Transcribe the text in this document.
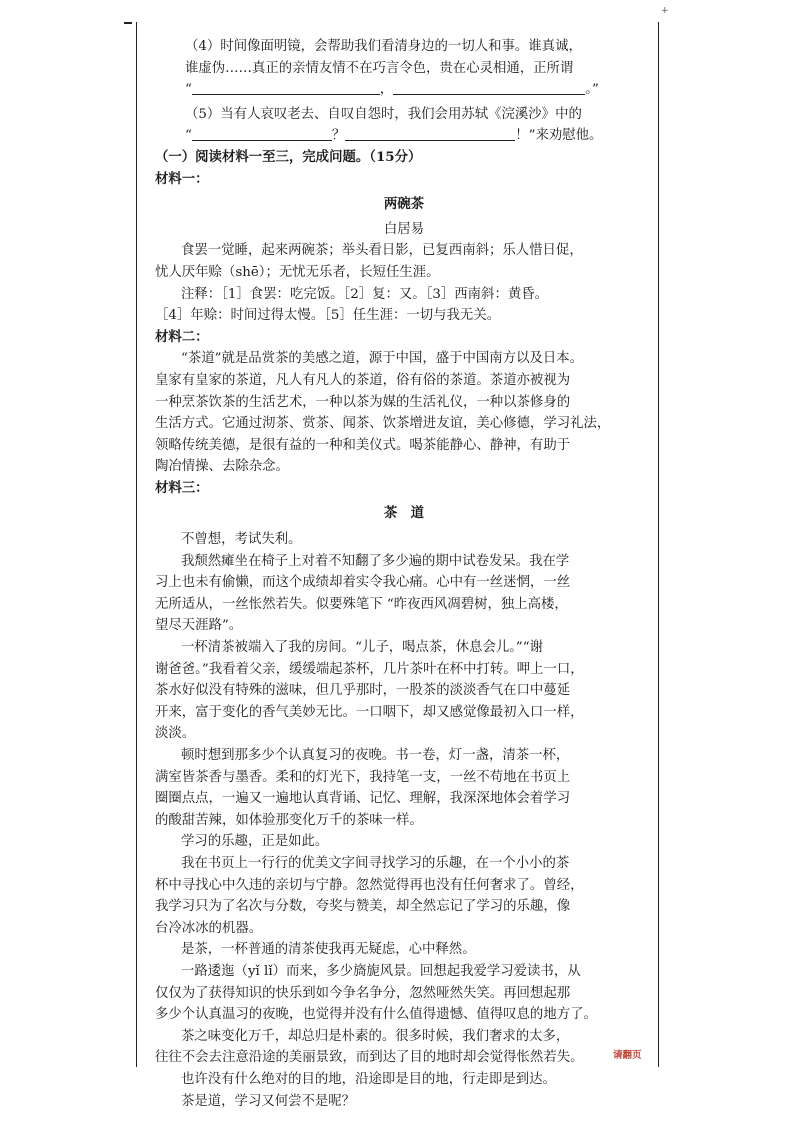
+

（4）时间像面明镜，会帮助我们看清身边的一切人和事。谁真诚，

谁虚伪……真正的亲情友情不在巧言令色，贵在心灵相通，正所谓

“	，	。”

（5）当有人哀叹老去、自叹自怨时，我们会用苏轼《浣溪沙》中的

“	？	！”来劝慰他。

（一）阅读材料一至三，完成问题。（15分）

材料一：

两碗茶

白居易

食罢一觉睡，起来两碗茶；举头看日影，已复西南斜；乐人惜日促，

忧人厌年赊（shē）；无忧无乐者，长短任生涯。

注释：［1］食罢：吃完饭。［2］复：又。［3］西南斜：黄昏。

［4］年赊：时间过得太慢。［5］任生涯：一切与我无关。

材料二：

“茶道”就是品赏茶的美感之道，源于中国，盛于中国南方以及日本。

皇家有皇家的茶道，凡人有凡人的茶道，俗有俗的茶道。茶道亦被视为

一种烹茶饮茶的生活艺术，一种以茶为媒的生活礼仪，一种以茶修身的

生活方式。它通过沏茶、赏茶、闻茶、饮茶增进友谊，美心修德，学习礼法，

领略传统美德，是很有益的一种和美仪式。喝茶能静心、静神，有助于

陶冶情操、去除杂念。

材料三：

茶　道

不曾想，考试失利。

我颓然瘫坐在椅子上对着不知翻了多少遍的期中试卷发呆。我在学

习上也未有偷懒，而这个成绩却着实令我心痛。心中有一丝迷惘，一丝

无所适从，一丝怅然若失。似要殊笔下 “昨夜西风凋碧树，独上高楼，

望尽天涯路”。

一杯清茶被端入了我的房间。“儿子，喝点茶，休息会儿。”“谢

谢爸爸。”我看着父亲，缓缓端起茶杯，几片茶叶在杯中打转。呷上一口，

茶水好似没有特殊的滋味，但几乎那时，一股茶的淡淡香气在口中蔓延

开来，富于变化的香气美妙无比。一口咽下，却又感觉像最初入口一样，

淡淡。

顿时想到那多少个认真复习的夜晚。书一卷，灯一盏，清茶一杯，

满室皆茶香与墨香。柔和的灯光下，我持笔一支，一丝不苟地在书页上

圈圈点点，一遍又一遍地认真背诵、记忆、理解，我深深地体会着学习

的酸甜苦辣，如体验那变化万千的茶味一样。

学习的乐趣，正是如此。

我在书页上一行行的优美文字间寻找学习的乐趣，在一个小小的茶

杯中寻找心中久违的亲切与宁静。忽然觉得再也没有任何奢求了。曾经，

我学习只为了名次与分数，夸奖与赞美，却全然忘记了学习的乐趣，像

台冷冰冰的机器。

是茶，一杯普通的清茶使我再无疑虑，心中释然。

一路逶迤（yǐ lǐ）而来，多少旖旎风景。回想起我爱学习爱读书，从

仅仅为了获得知识的快乐到如今争名争分，忽然哑然失笑。再回想起那

多少个认真温习的夜晚，也觉得并没有什么值得遗憾、值得叹息的地方了。

茶之味变化万千，却总归是朴素的。很多时候，我们奢求的太多，

往往不会去注意沿途的美丽景致，而到达了目的地时却会觉得怅然若失。

也许没有什么绝对的目的地，沿途即是目的地，行走即是到达。

茶是道，学习又何尝不是呢？

请翻页
